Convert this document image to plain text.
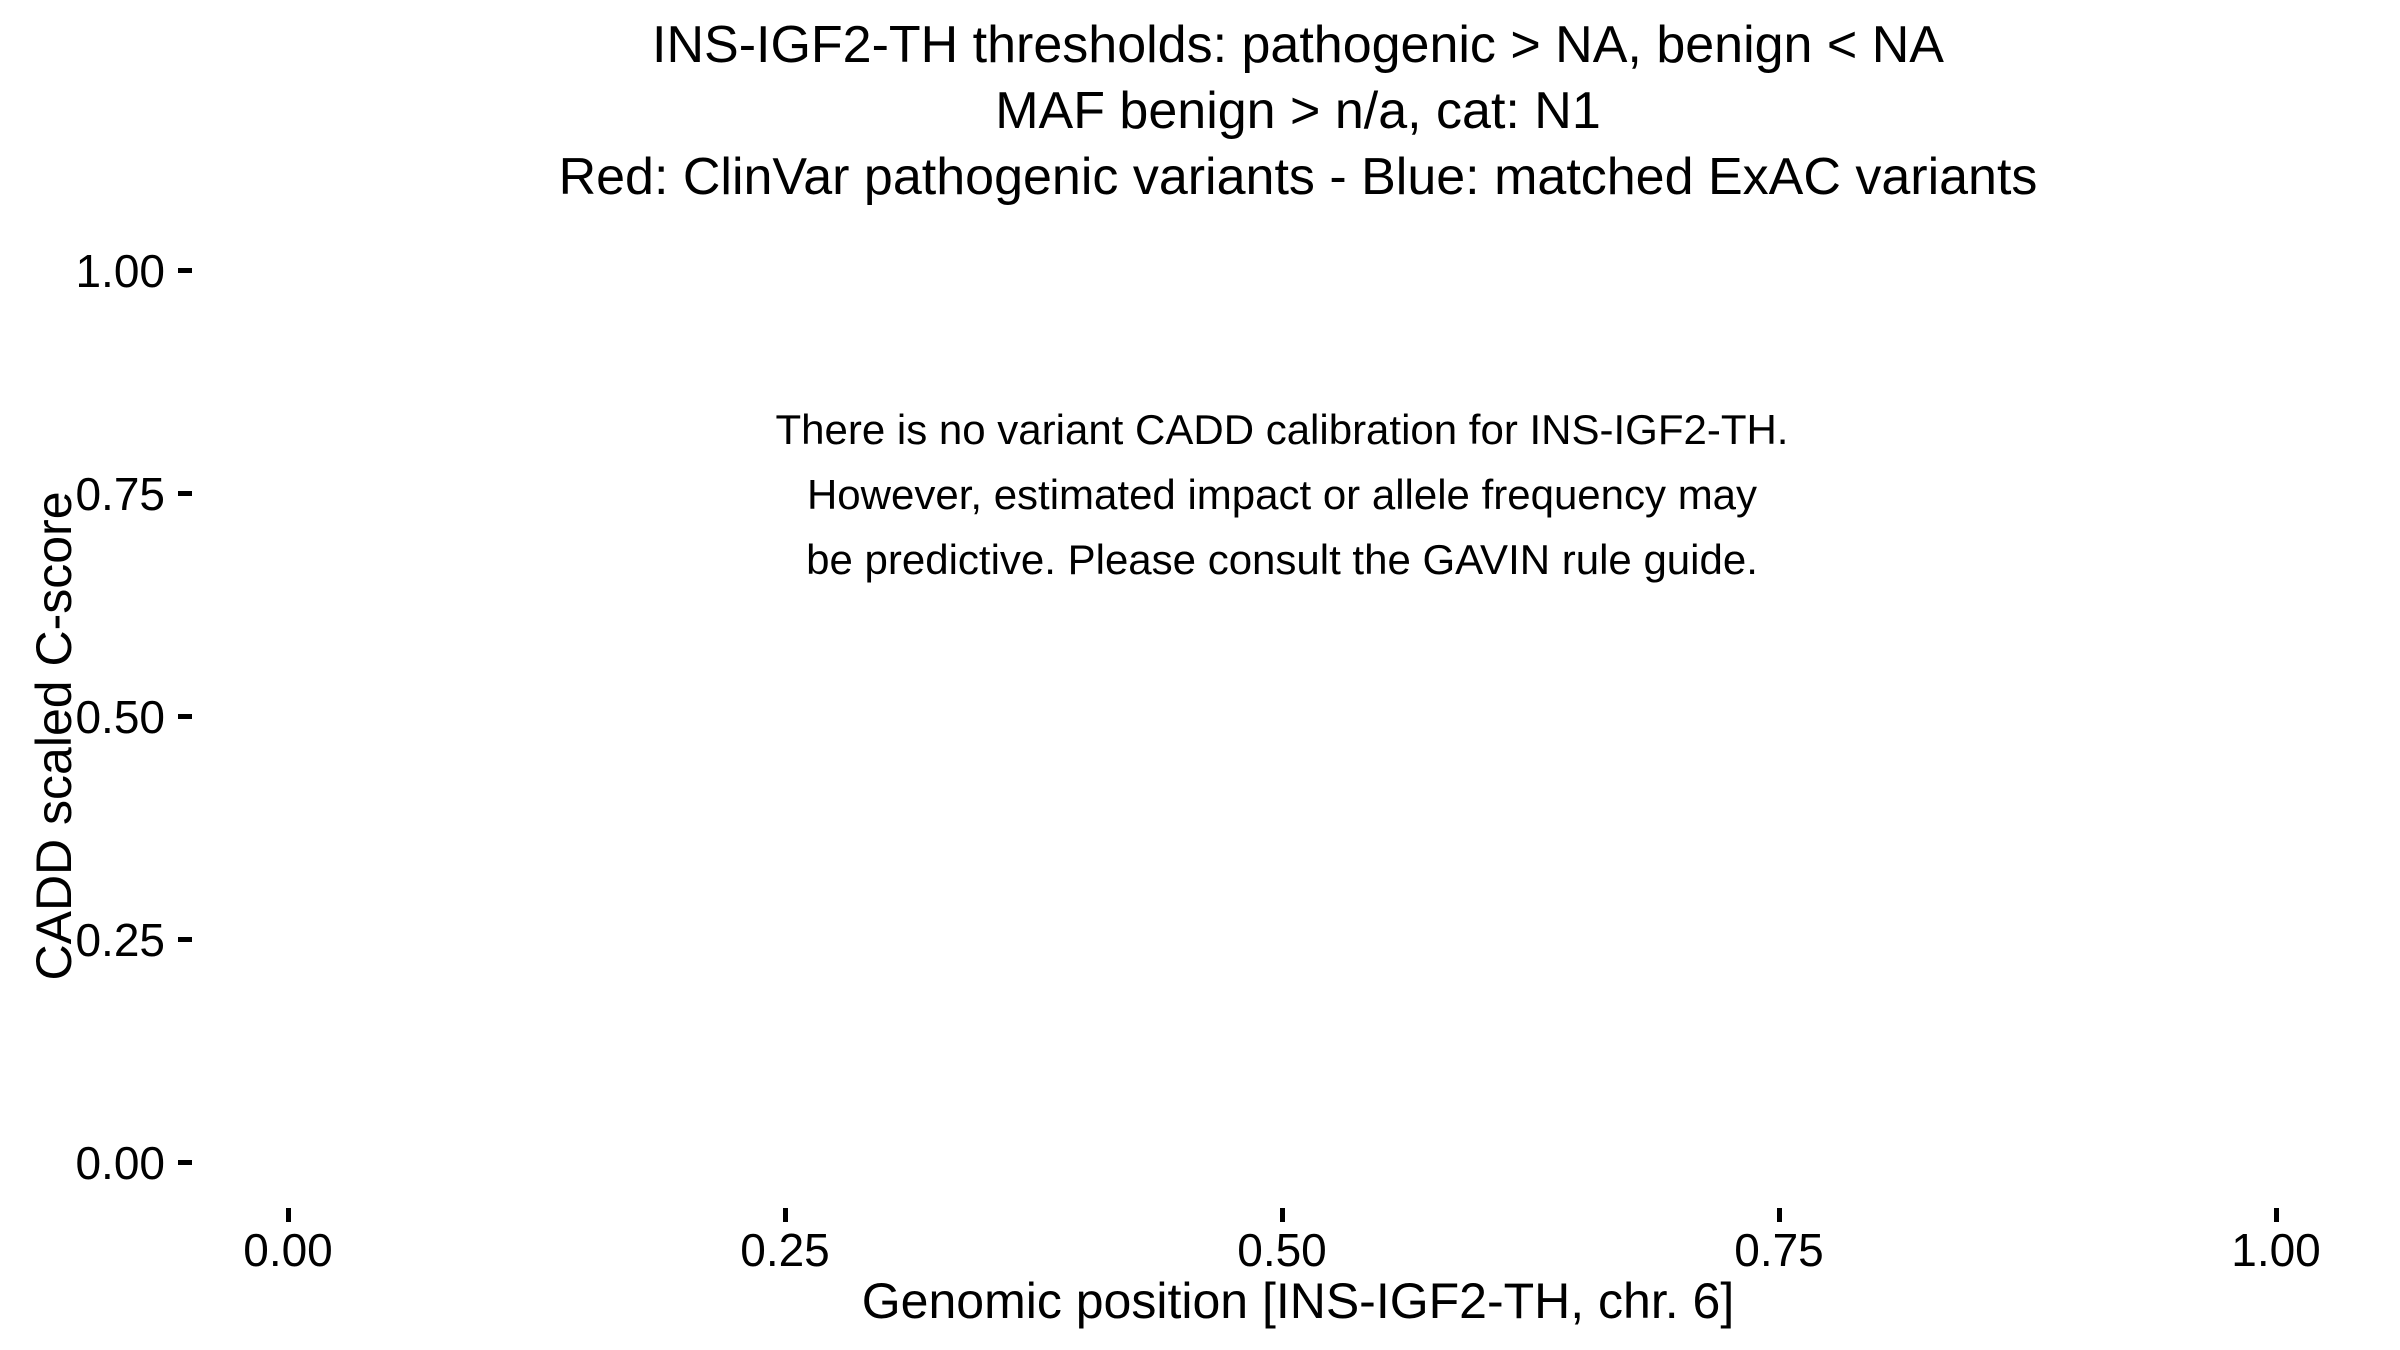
INS-IGF2-TH thresholds: pathogenic > NA, benign < NA
MAF benign > n/a, cat: N1
Red: ClinVar pathogenic variants - Blue: matched ExAC variants
There is no variant CADD calibration for INS-IGF2-TH.
However, estimated impact or allele frequency may
be predictive. Please consult the GAVIN rule guide.
CADD scaled C-score
1.00
0.75
0.50
0.25
0.00
0.00	0.25	0.50	0.75	1.00
Genomic position [INS-IGF2-TH, chr. 6]
